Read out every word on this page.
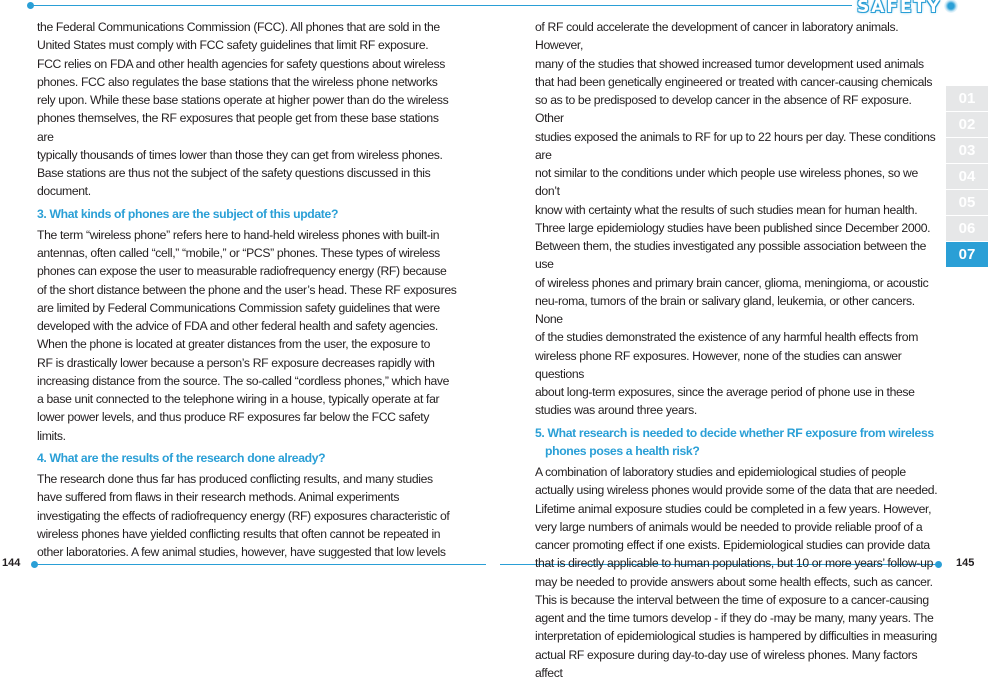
SAFETY

the Federal Communications Commission (FCC). All phones that are sold in the
United States must comply with FCC safety guidelines that limit RF exposure.
FCC relies on FDA and other health agencies for safety questions about wireless
phones. FCC also regulates the base stations that the wireless phone networks
rely upon. While these base stations operate at higher power than do the wireless
phones themselves, the RF exposures that people get from these base stations are
typically thousands of times lower than those they can get from wireless phones.
Base stations are thus not the subject of the safety questions discussed in this
document.

3. What kinds of phones are the subject of this update?

The term “wireless phone” refers here to hand-held wireless phones with built-in
antennas, often called “cell,” “mobile,” or “PCS” phones. These types of wireless
phones can expose the user to measurable radiofrequency energy (RF) because
of the short distance between the phone and the user’s head. These RF exposures
are limited by Federal Communications Commission safety guidelines that were
developed with the advice of FDA and other federal health and safety agencies.
When the phone is located at greater distances from the user, the exposure to
RF is drastically lower because a person’s RF exposure decreases rapidly with
increasing distance from the source. The so-called “cordless phones,” which have
a base unit connected to the telephone wiring in a house, typically operate at far
lower power levels, and thus produce RF exposures far below the FCC safety limits.

4. What are the results of the research done already?

The research done thus far has produced conflicting results, and many studies
have suffered from flaws in their research methods. Animal experiments
investigating the effects of radiofrequency energy (RF) exposures characteristic of
wireless phones have yielded conflicting results that often cannot be repeated in
other laboratories. A few animal studies, however, have suggested that low levels

of RF could accelerate the development of cancer in laboratory animals. However,
many of the studies that showed increased tumor development used animals
that had been genetically engineered or treated with cancer-causing chemicals
so as to be predisposed to develop cancer in the absence of RF exposure. Other
studies exposed the animals to RF for up to 22 hours per day. These conditions are
not similar to the conditions under which people use wireless phones, so we don’t
know with certainty what the results of such studies mean for human health.
Three large epidemiology studies have been published since December 2000.
Between them, the studies investigated any possible association between the use
of wireless phones and primary brain cancer, glioma, meningioma, or acoustic
neu-roma, tumors of the brain or salivary gland, leukemia, or other cancers. None
of the studies demonstrated the existence of any harmful health effects from
wireless phone RF exposures. However, none of the studies can answer questions
about long-term exposures, since the average period of phone use in these
studies was around three years.

5. What research is needed to decide whether RF exposure from wireless
phones poses a health risk?

A combination of laboratory studies and epidemiological studies of people
actually using wireless phones would provide some of the data that are needed.
Lifetime animal exposure studies could be completed in a few years. However,
very large numbers of animals would be needed to provide reliable proof of a
cancer promoting effect if one exists. Epidemiological studies can provide data
that is directly applicable to human populations, but 10 or more years’ follow-up
may be needed to provide answers about some health effects, such as cancer.
This is because the interval between the time of exposure to a cancer-causing
agent and the time tumors develop - if they do -may be many, many years. The
interpretation of epidemiological studies is hampered by difficulties in measuring
actual RF exposure during day-to-day use of wireless phones. Many factors affect

01
02
03
04
05
06
07
144	145
